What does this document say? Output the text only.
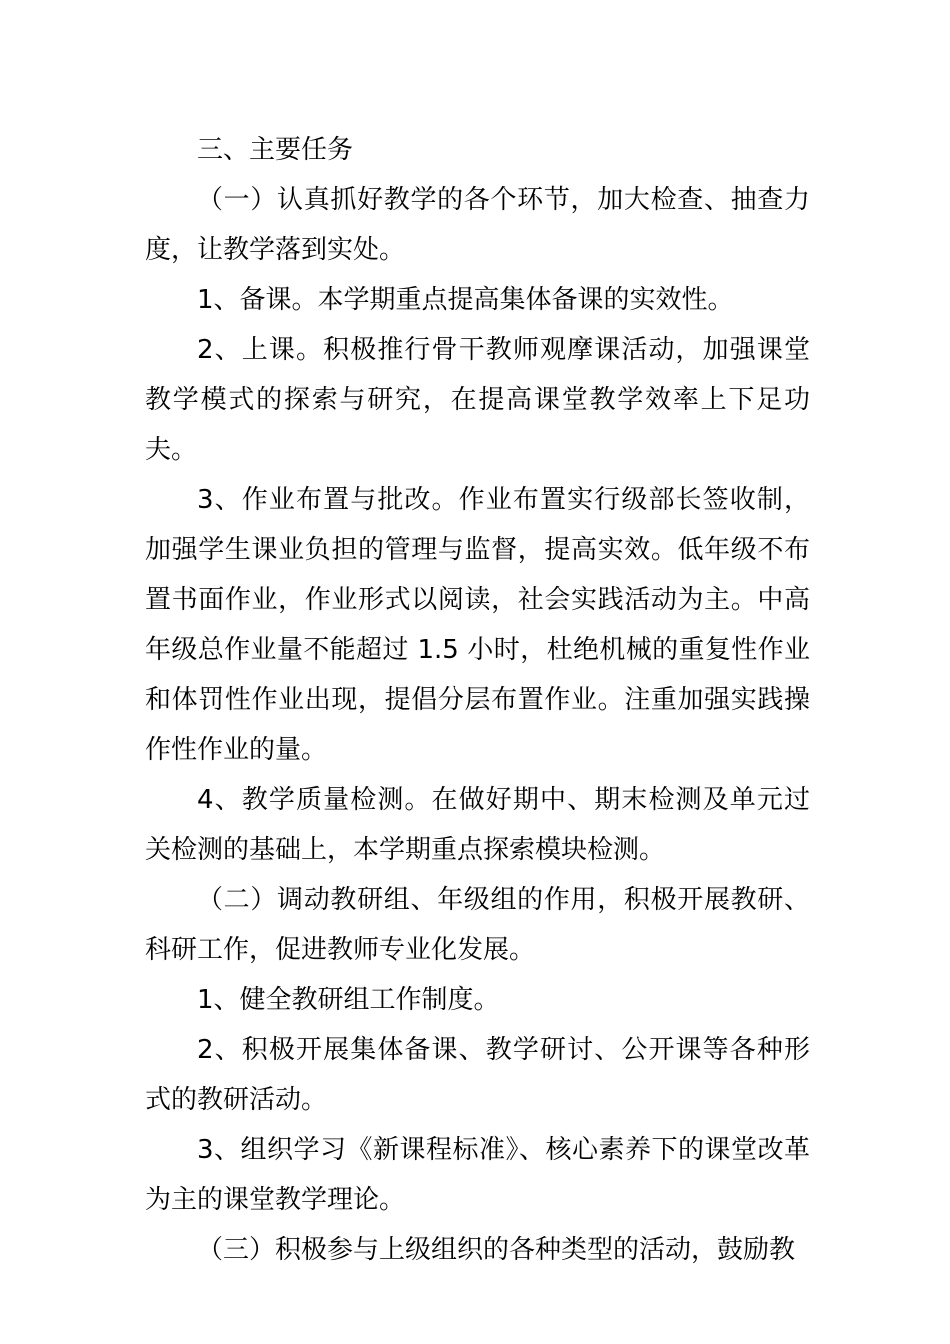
三、主要任务

（一）认真抓好教学的各个环节，加大检查、抽查力度，让教学落到实处。

1、备课。本学期重点提高集体备课的实效性。

2、上课。积极推行骨干教师观摩课活动，加强课堂教学模式的探索与研究，在提高课堂教学效率上下足功夫。

3、作业布置与批改。作业布置实行级部长签收制，加强学生课业负担的管理与监督，提高实效。低年级不布置书面作业，作业形式以阅读，社会实践活动为主。中高年级总作业量不能超过 1.5 小时，杜绝机械的重复性作业和体罚性作业出现，提倡分层布置作业。注重加强实践操作性作业的量。

4、教学质量检测。在做好期中、期末检测及单元过关检测的基础上，本学期重点探索模块检测。

（二）调动教研组、年级组的作用，积极开展教研、科研工作，促进教师专业化发展。

1、健全教研组工作制度。

2、积极开展集体备课、教学研讨、公开课等各种形式的教研活动。

3、组织学习《新课程标准》、核心素养下的课堂改革为主的课堂教学理论。

（三）积极参与上级组织的各种类型的活动，鼓励教
